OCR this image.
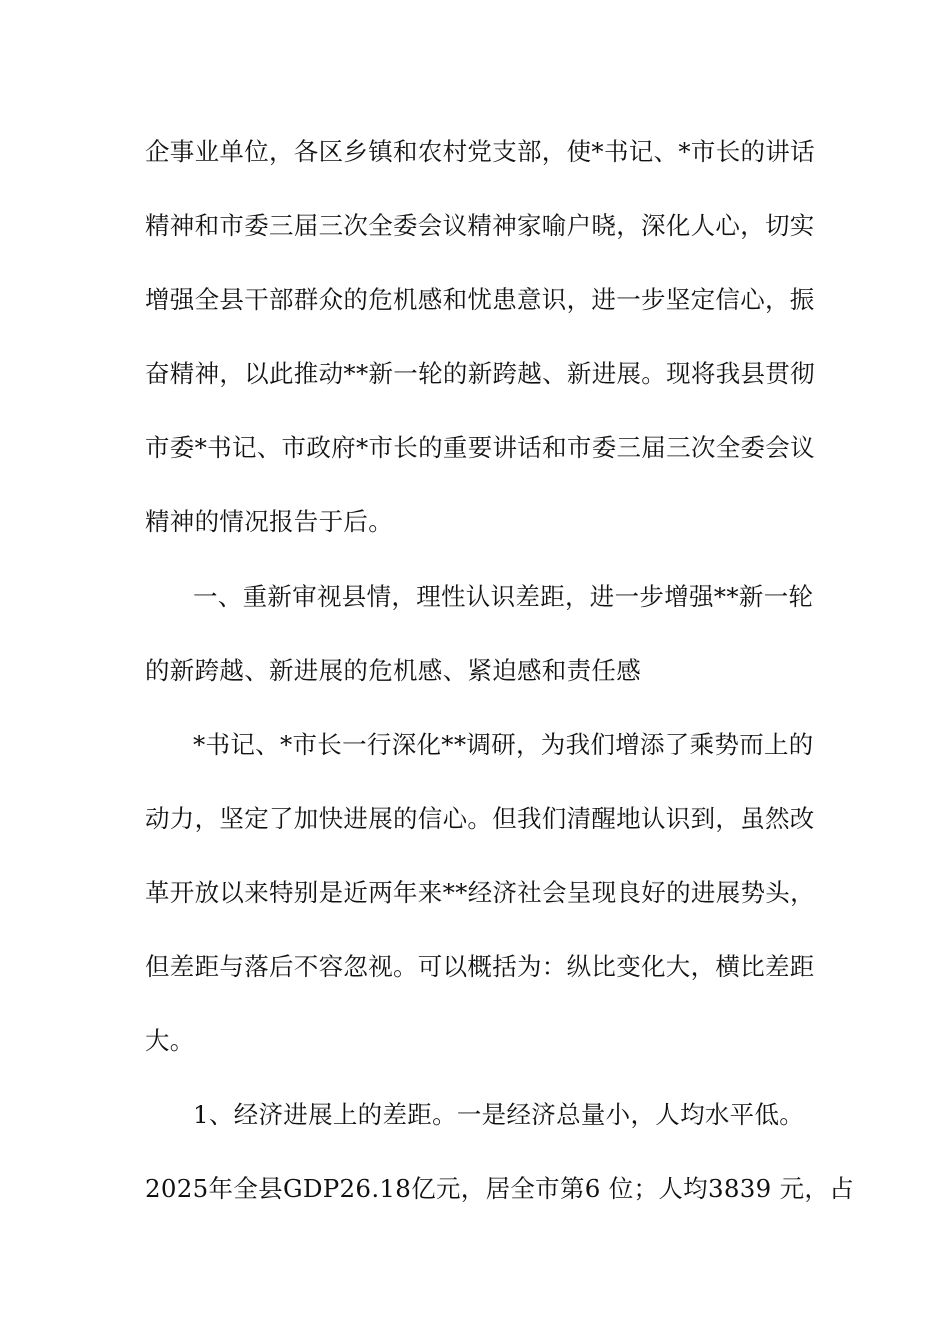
企事业单位，各区乡镇和农村党支部，使*书记、*市长的讲话
精神和市委三届三次全委会议精神家喻户晓，深化人心，切实
增强全县干部群众的危机感和忧患意识，进一步坚定信心，振
奋精神，以此推动**新一轮的新跨越、新进展。现将我县贯彻
市委*书记、市政府*市长的重要讲话和市委三届三次全委会议
精神的情况报告于后。
一、重新审视县情，理性认识差距，进一步增强**新一轮
的新跨越、新进展的危机感、紧迫感和责任感
*书记、*市长一行深化**调研，为我们增添了乘势而上的
动力，坚定了加快进展的信心。但我们清醒地认识到，虽然改
革开放以来特别是近两年来**经济社会呈现良好的进展势头，
但差距与落后不容忽视。可以概括为：纵比变化大，横比差距
大。
1、经济进展上的差距。一是经济总量小，人均水平低。
2025年全县GDP26.18亿元，居全市第6 位；人均3839 元，占
